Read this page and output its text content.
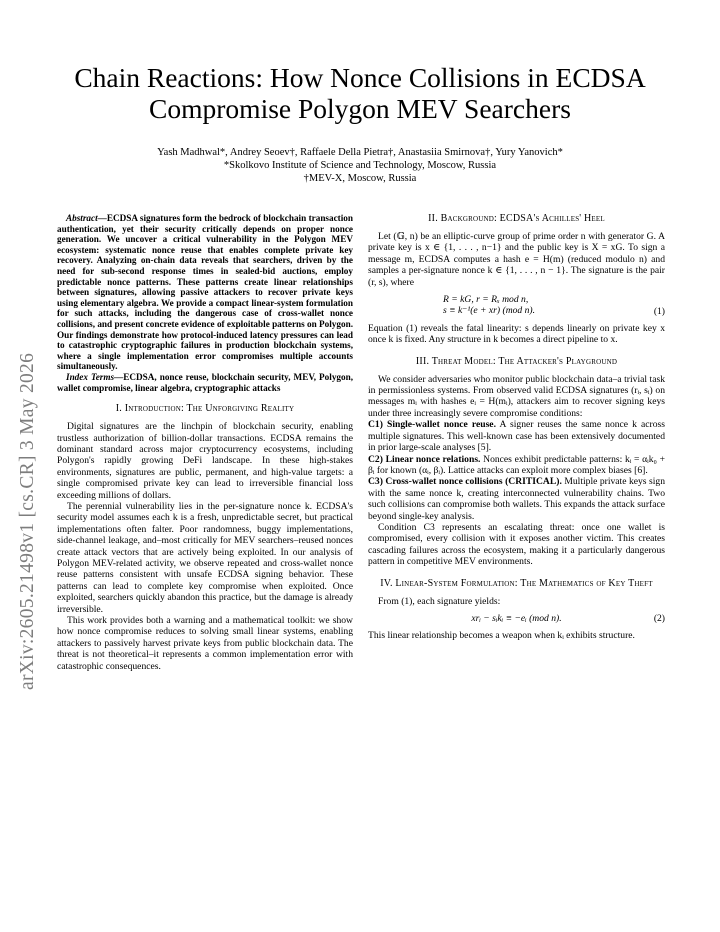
arXiv:2605.21498v1 [cs.CR] 3 May 2026
Chain Reactions: How Nonce Collisions in ECDSA
Compromise Polygon MEV Searchers
Yash Madhwal*, Andrey Seoev†, Raffaele Della Pietra†, Anastasiia Smirnova†, Yury Yanovich*
*Skolkovo Institute of Science and Technology, Moscow, Russia
†MEV-X, Moscow, Russia

Abstract—ECDSA signatures form the bedrock of blockchain transaction authentication, yet their security critically depends on proper nonce generation. We uncover a critical vulnerability in the Polygon MEV ecosystem: systematic nonce reuse that enables complete private key recovery. Analyzing on-chain data reveals that searchers, driven by the need for sub-second response times in sealed-bid auctions, employ predictable nonce patterns. These patterns create linear relationships between signatures, allowing passive attackers to recover private keys using elementary algebra. We provide a compact linear-system formulation for such attacks, including the dangerous case of cross-wallet nonce collisions, and present concrete evidence of exploitable patterns on Polygon. Our findings demonstrate how protocol-induced latency pressures can lead to catastrophic cryptographic failures in production blockchain systems, where a single implementation error compromises multiple accounts simultaneously.

Index Terms—ECDSA, nonce reuse, blockchain security, MEV, Polygon, wallet compromise, linear algebra, cryptographic attacks

I. Introduction: The Unforgiving Reality

Digital signatures are the linchpin of blockchain security, enabling trustless authorization of billion-dollar transactions. ECDSA remains the dominant standard across major cryptocurrency ecosystems, including Polygon's rapidly growing DeFi landscape. In these high-stakes environments, signatures are public, permanent, and high-value targets: a single compromised private key can lead to irreversible financial loss exceeding millions of dollars.

The perennial vulnerability lies in the per-signature nonce k. ECDSA's security model assumes each k is a fresh, unpredictable secret, but practical implementations often falter. Poor randomness, buggy implementations, side-channel leakage, and–most critically for MEV searchers–reused nonces create attack vectors that are actively being exploited. In our analysis of Polygon MEV-related activity, we observe repeated and cross-wallet nonce reuse patterns consistent with unsafe ECDSA signing behavior. These patterns can lead to complete key compromise when exploited. Once exploited, searchers quickly abandon this practice, but the damage is already irreversible.

This work provides both a warning and a mathematical toolkit: we show how nonce compromise reduces to solving small linear systems, enabling attackers to passively harvest private keys from public blockchain data. The threat is not theoretical–it represents a common implementation error with catastrophic consequences.

II. Background: ECDSA's Achilles' Heel

Let (𝔾, n) be an elliptic-curve group of prime order n with generator G. A private key is x ∈ {1, . . . , n−1} and the public key is X = xG. To sign a message m, ECDSA computes a hash e = H(m) (reduced modulo n) and samples a per-signature nonce k ∈ {1, . . . , n − 1}. The signature is the pair (r, s), where

R = kG, r = Rₓ mod n,
s ≡ k⁻¹(e + xr) (mod n).	(1)

Equation (1) reveals the fatal linearity: s depends linearly on private key x once k is fixed. Any structure in k becomes a direct pipeline to x.

III. Threat Model: The Attacker's Playground

We consider adversaries who monitor public blockchain data–a trivial task in permissionless systems. From observed valid ECDSA signatures (rᵢ, sᵢ) on messages mᵢ with hashes eᵢ = H(mᵢ), attackers aim to recover signing keys under three increasingly severe compromise conditions:

C1) Single-wallet nonce reuse. A signer reuses the same nonce k across multiple signatures. This well-known case has been extensively documented in prior large-scale analyses [5].

C2) Linear nonce relations. Nonces exhibit predictable patterns: kᵢ = αᵢk₀ + βᵢ for known (αᵢ, βᵢ). Lattice attacks can exploit more complex biases [6].

C3) Cross-wallet nonce collisions (CRITICAL). Multiple private keys sign with the same nonce k, creating interconnected vulnerability chains. Two such collisions can compromise both wallets. This expands the attack surface beyond single-key analysis.

Condition C3 represents an escalating threat: once one wallet is compromised, every collision with it exposes another victim. This creates cascading failures across the ecosystem, making it a particularly dangerous pattern in competitive MEV environments.

IV. Linear-System Formulation: The Mathematics of Key Theft

From (1), each signature yields:

xrᵢ − sᵢkᵢ ≡ −eᵢ (mod n).	(2)

This linear relationship becomes a weapon when kᵢ exhibits structure.
